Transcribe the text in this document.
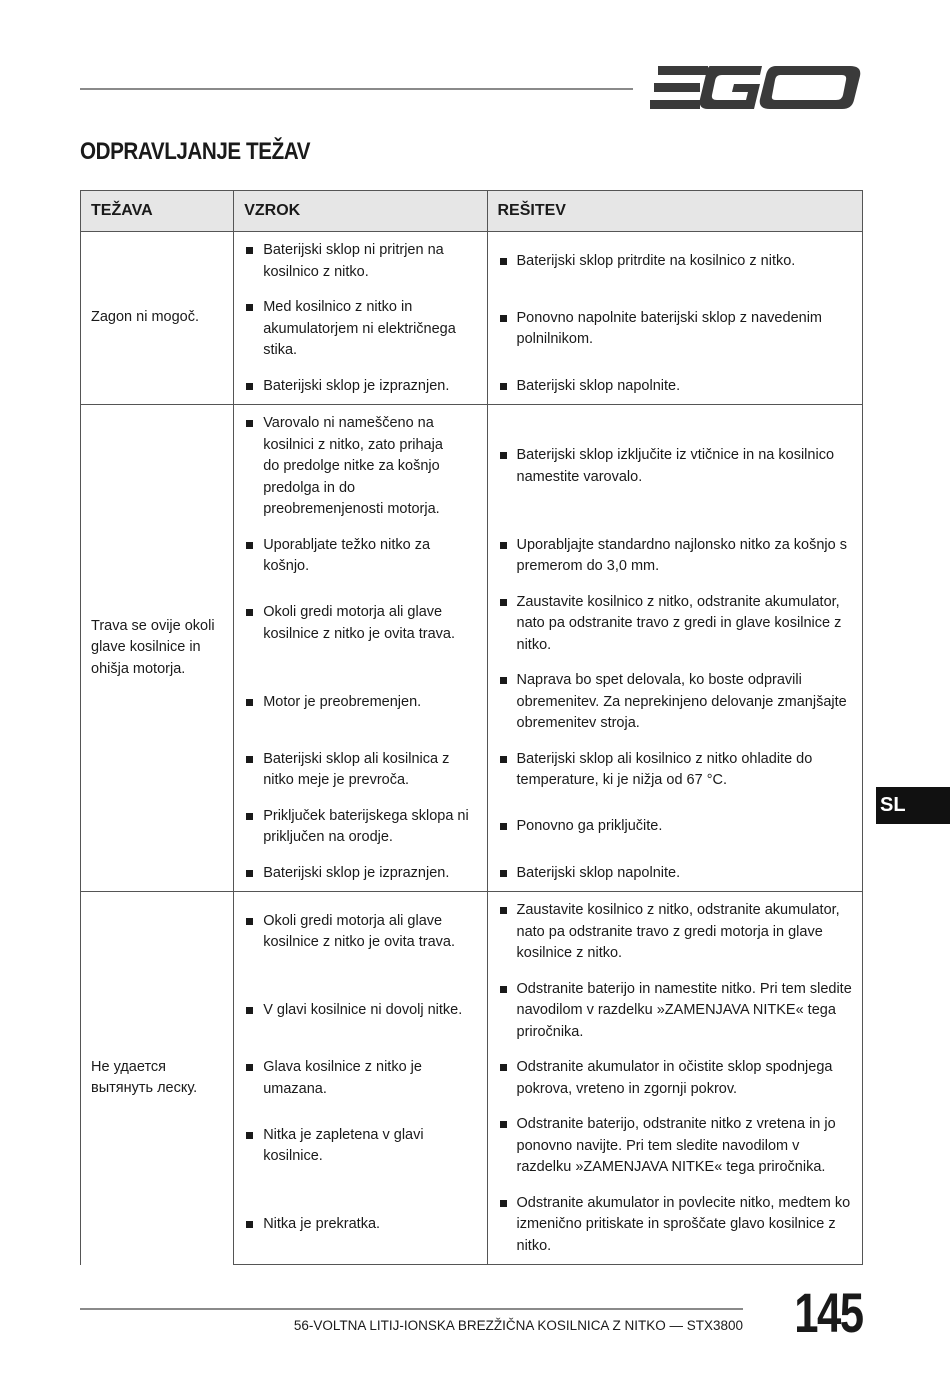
ODPRAVLJANJE TEŽAV
TEŽAVA	VZROK	REŠITEV
Zagon ni mogoč.	Baterijski sklop ni pritrjen na kosilnico z nitko.	Baterijski sklop pritrdite na kosilnico z nitko.

Med kosilnico z nitko in akumulatorjem ni električnega stika.	Ponovno napolnite baterijski sklop z navedenim polnilnikom.

Baterijski sklop je izpraznjen.	Baterijski sklop napolnite.

Trava se ovije okoli glave kosilnice in ohišja motorja.	Varovalo ni nameščeno na kosilnici z nitko, zato prihaja do predolge nitke za košnjo predolga in do preobremenjenosti motorja.	Baterijski sklop izključite iz vtičnice in na kosilnico namestite varovalo.

Uporabljate težko nitko za košnjo.	Uporabljajte standardno najlonsko nitko za košnjo s premerom do 3,0 mm.

Okoli gredi motorja ali glave kosilnice z nitko je ovita trava.	Zaustavite kosilnico z nitko, odstranite akumulator, nato pa odstranite travo z gredi in glave kosilnice z nitko.

Motor je preobremenjen.	Naprava bo spet delovala, ko boste odpravili obremenitev. Za neprekinjeno delovanje zmanjšajte obremenitev stroja.

Baterijski sklop ali kosilnica z nitko meje je prevroča.	Baterijski sklop ali kosilnico z nitko ohladite do temperature, ki je nižja od 67 °C.

Priključek baterijskega sklopa ni priključen na orodje.	Ponovno ga priključite.

Baterijski sklop je izpraznjen.	Baterijski sklop napolnite.

Не удается вытянуть леску.	Okoli gredi motorja ali glave kosilnice z nitko je ovita trava.	Zaustavite kosilnico z nitko, odstranite akumulator, nato pa odstranite travo z gredi motorja in glave kosilnice z nitko.

V glavi kosilnice ni dovolj nitke.	Odstranite baterijo in namestite nitko. Pri tem sledite navodilom v razdelku »ZAMENJAVA NITKE« tega priročnika.

Glava kosilnice z nitko je umazana.	Odstranite akumulator in očistite sklop spodnjega pokrova, vreteno in zgornji pokrov.

Nitka je zapletena v glavi kosilnice.	Odstranite baterijo, odstranite nitko z vretena in jo ponovno navijte. Pri tem sledite navodilom v razdelku »ZAMENJAVA NITKE« tega priročnika.

Nitka je prekratka.	Odstranite akumulator in povlecite nitko, medtem ko izmenično pritiskate in sproščate glavo kosilnice z nitko.
SL
56-VOLTNA LITIJ-IONSKA BREZŽIČNA KOSILNICA Z NITKO — STX3800 145
